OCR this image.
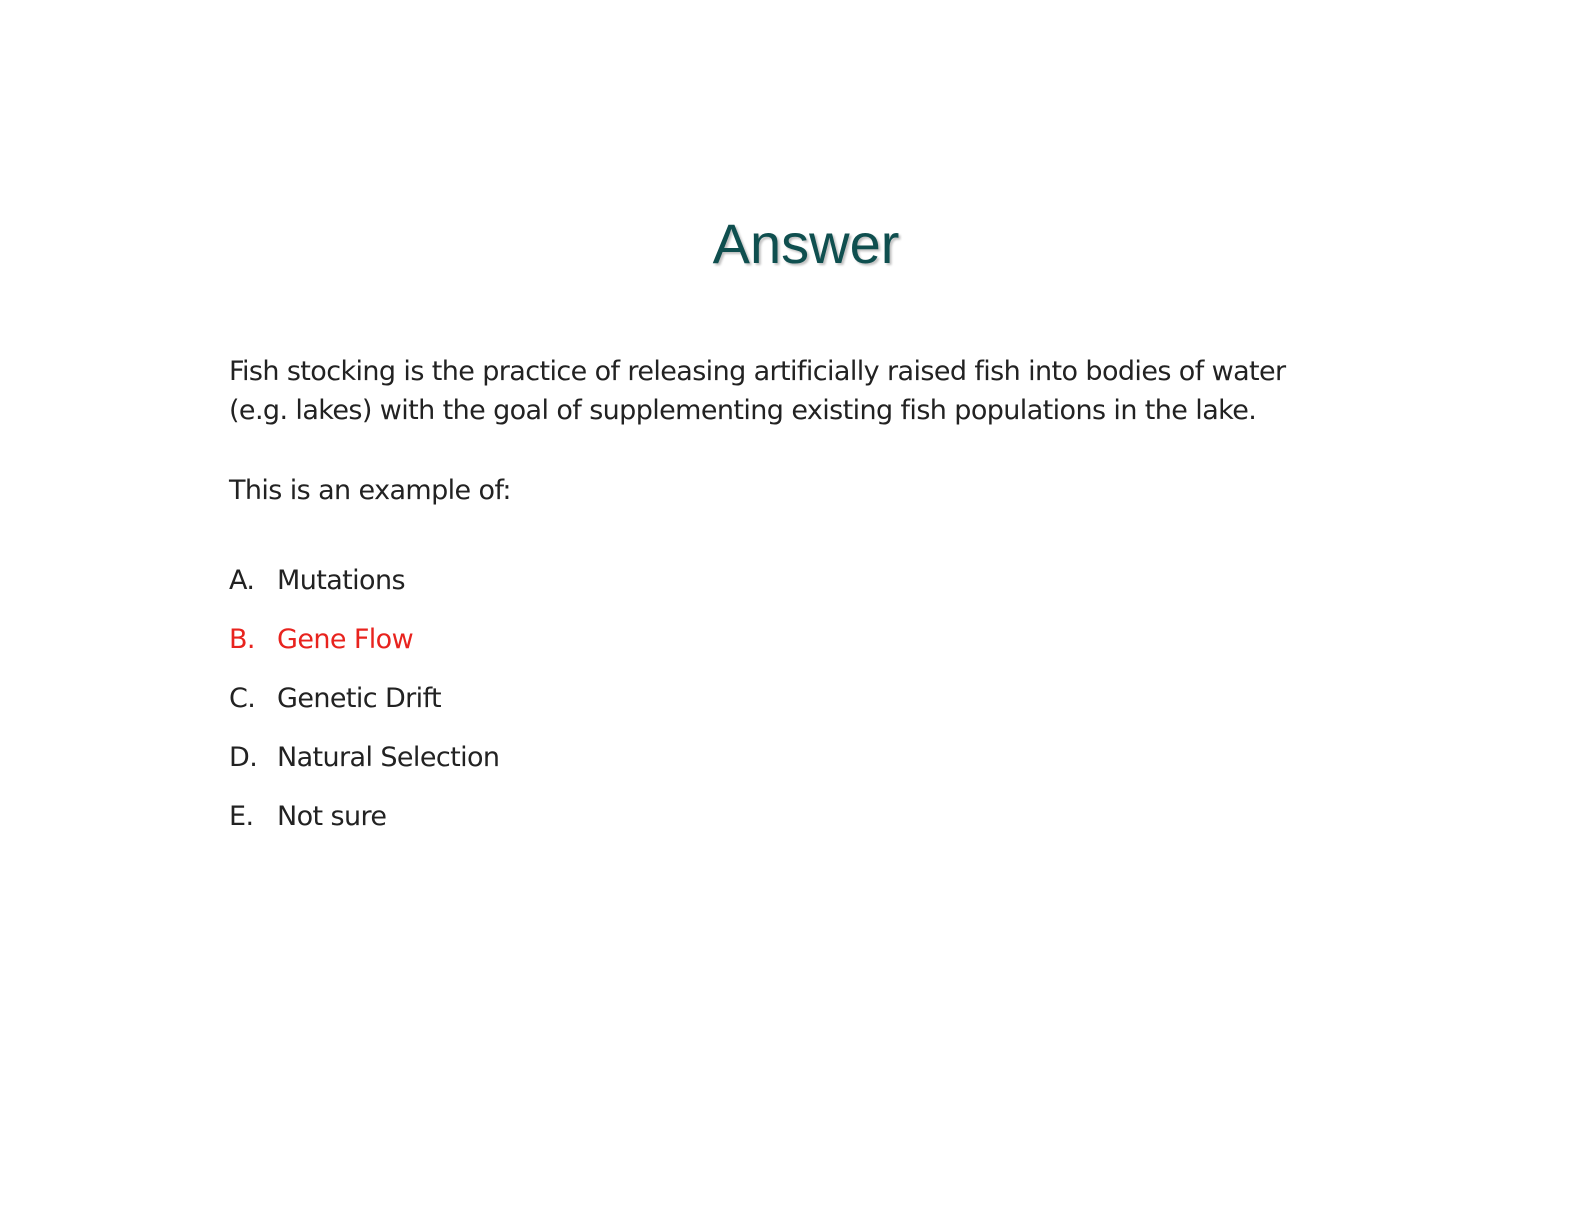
Answer
Fish stocking is the practice of releasing artificially raised fish into bodies of water
(e.g. lakes) with the goal of supplementing existing fish populations in the lake.
This is an example of:
A. Mutations
B. Gene Flow
C. Genetic Drift
D. Natural Selection
E. Not sure
